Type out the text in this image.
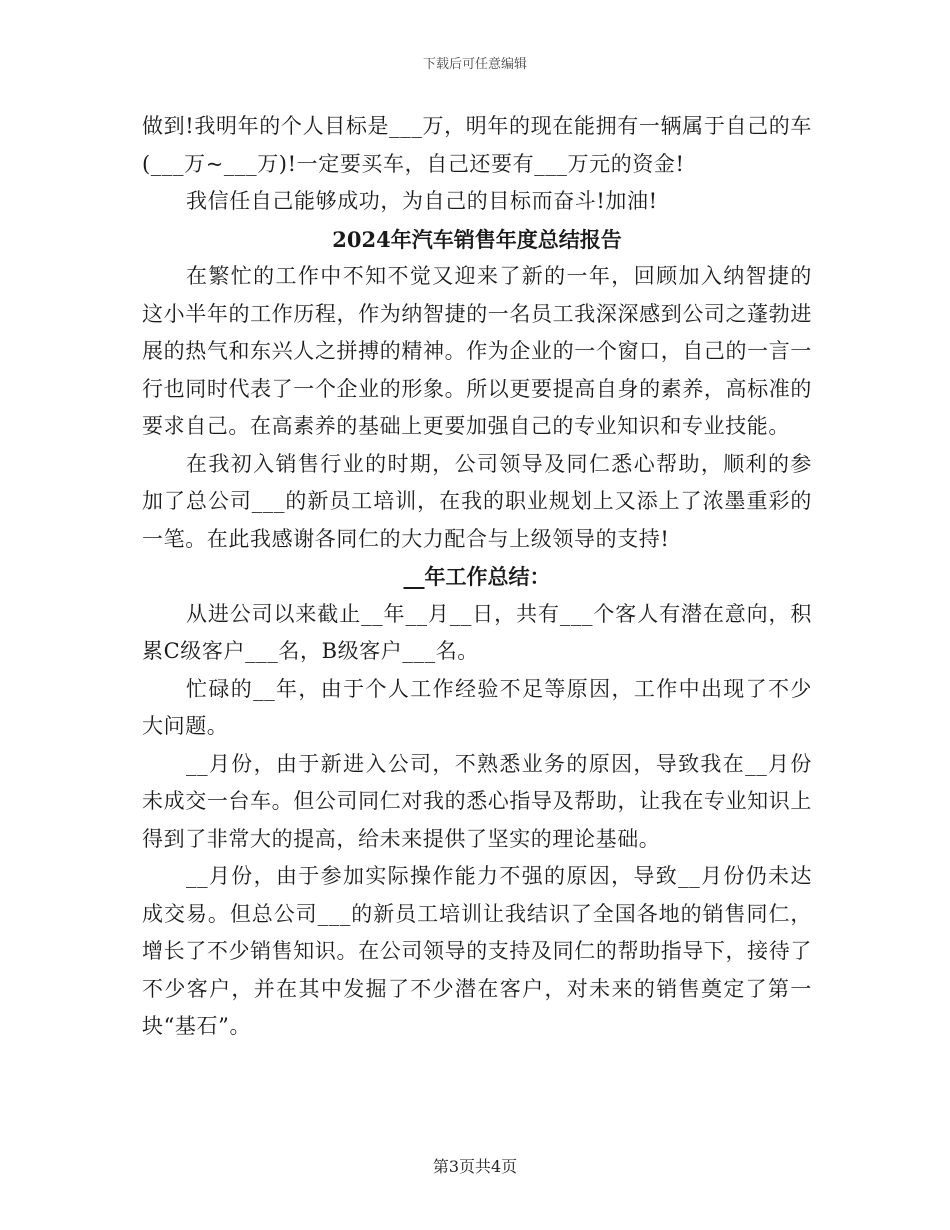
下载后可任意编辑

做到!我明年的个人目标是___万，明年的现在能拥有一辆属于自己的车(___万~___万)!一定要买车，自己还要有___万元的资金!

我信任自己能够成功，为自己的目标而奋斗!加油!

2024年汽车销售年度总结报告

在繁忙的工作中不知不觉又迎来了新的一年，回顾加入纳智捷的这小半年的工作历程，作为纳智捷的一名员工我深深感到公司之蓬勃进展的热气和东兴人之拼搏的精神。作为企业的一个窗口，自己的一言一行也同时代表了一个企业的形象。所以更要提高自身的素养，高标准的要求自己。在高素养的基础上更要加强自己的专业知识和专业技能。

在我初入销售行业的时期，公司领导及同仁悉心帮助，顺利的参加了总公司___的新员工培训，在我的职业规划上又添上了浓墨重彩的一笔。在此我感谢各同仁的大力配合与上级领导的支持!

__年工作总结：

从进公司以来截止__年__月__日，共有___个客人有潜在意向，积累C级客户___名，B级客户___名。

忙碌的__年，由于个人工作经验不足等原因，工作中出现了不少大问题。

__月份，由于新进入公司，不熟悉业务的原因，导致我在__月份未成交一台车。但公司同仁对我的悉心指导及帮助，让我在专业知识上得到了非常大的提高，给未来提供了坚实的理论基础。

__月份，由于参加实际操作能力不强的原因，导致__月份仍未达成交易。但总公司___的新员工培训让我结识了全国各地的销售同仁，增长了不少销售知识。在公司领导的支持及同仁的帮助指导下，接待了不少客户，并在其中发掘了不少潜在客户，对未来的销售奠定了第一块“基石”。

第3页共4页
